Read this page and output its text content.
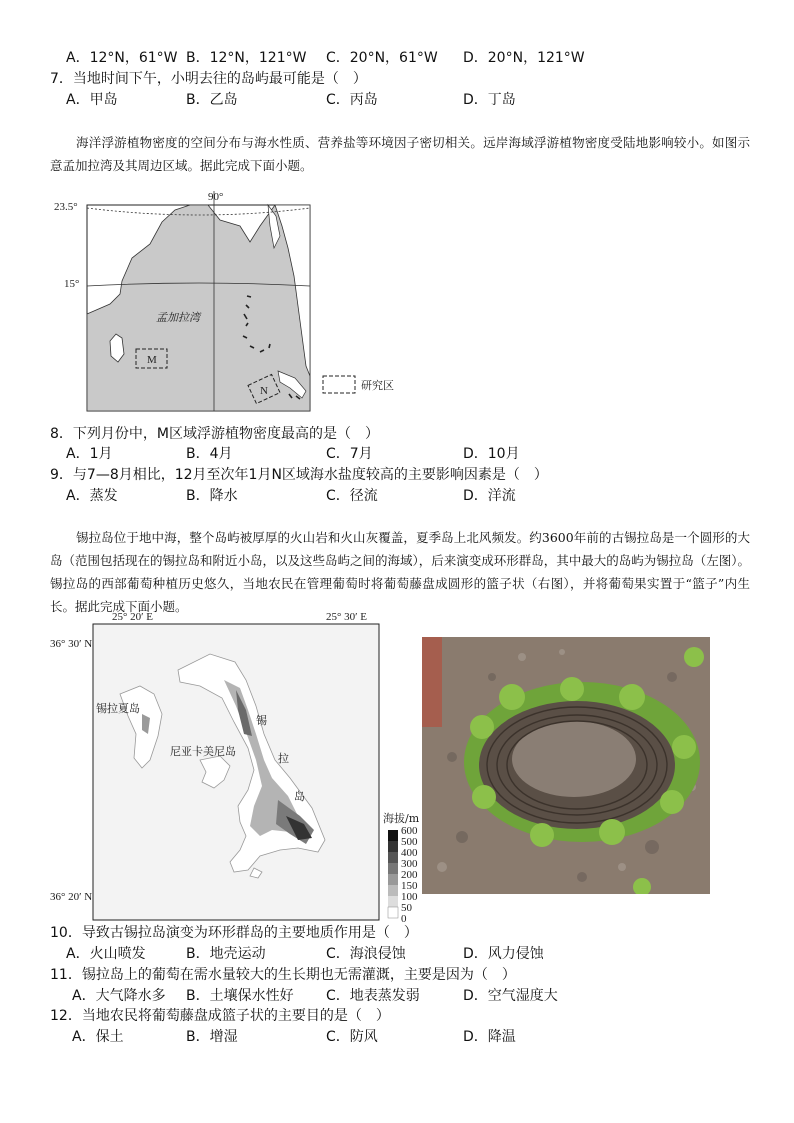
A．12°N，61°W B．12°N，121°W C．20°N，61°W D．20°N，121°W
7．当地时间下午，小明去往的岛屿最可能是（　）
A．甲岛	B．乙岛	C．丙岛	D．丁岛
海洋浮游植物密度的空间分布与海水性质、营养盐等环境因子密切相关。远岸海域浮游植物密度受陆地影响较小。如图示意孟加拉湾及其周边区域。据此完成下面小题。
90°
23.5°
15°
孟加拉湾
M
N	研究区
8．下列月份中，M区域浮游植物密度最高的是（　）
A．1月	B．4月	C．7月	D．10月
9．与7—8月相比，12月至次年1月N区域海水盐度较高的主要影响因素是（　）
A．蒸发	B．降水	C．径流	D．洋流
锡拉岛位于地中海，整个岛屿被厚厚的火山岩和火山灰覆盖，夏季岛上北风频发。约3600年前的古锡拉岛是一个圆形的大岛（范围包括现在的锡拉岛和附近小岛，以及这些岛屿之间的海域），后来演变成环形群岛，其中最大的岛屿为锡拉岛（左图）。锡拉岛的西部葡萄种植历史悠久，当地农民在管理葡萄时将葡萄藤盘成圆形的篮子状（右图），并将葡萄果实置于“篮子”内生长。据此完成下面小题。
25° 20′ E	25° 30′ E
36° 30′ N
36° 20′ N
锡拉夏岛
尼亚卡美尼岛
锡
拉
岛
海拔/m
600
500
400
300
200
150
100
50
0
10．导致古锡拉岛演变为环形群岛的主要地质作用是（　）
A．火山喷发	B．地壳运动	C．海浪侵蚀	D．风力侵蚀
11．锡拉岛上的葡萄在需水量较大的生长期也无需灌溉，主要是因为（　）
A．大气降水多 B．土壤保水性好 C．地表蒸发弱	D．空气湿度大
12．当地农民将葡萄藤盘成篮子状的主要目的是（　）
A．保土	B．增湿	C．防风	D．降温
